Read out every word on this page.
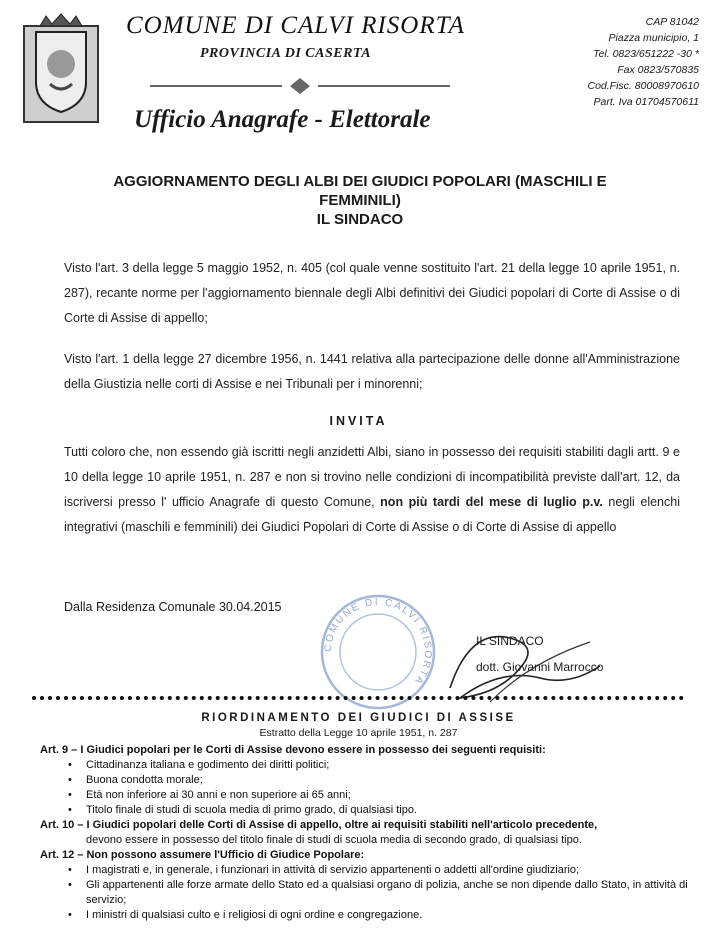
COMUNE DI CALVI RISORTA
PROVINCIA DI CASERTA
Ufficio Anagrafe - Elettorale
CAP 81042
Piazza municipio, 1
Tel. 0823/651222 -30 *
Fax 0823/570835
Cod.Fisc. 80008970610
Part. Iva 01704570611
AGGIORNAMENTO DEGLI ALBI DEI GIUDICI POPOLARI (MASCHILI E
FEMMINILI)
IL SINDACO
Visto l'art. 3 della legge 5 maggio 1952, n. 405 (col quale venne sostituito l'art. 21 della legge 10 aprile 1951, n. 287), recante norme per l'aggiornamento biennale degli Albi definitivi dei Giudici popolari di Corte di Assise o di Corte di Assise di appello;
Visto l'art. 1 della legge 27 dicembre 1956, n. 1441 relativa alla partecipazione delle donne all'Amministrazione della Giustizia nelle corti di Assise e nei Tribunali per i minorenni;
INVITA
Tutti coloro che, non essendo già iscritti negli anzidetti Albi, siano in possesso dei requisiti stabiliti dagli artt. 9 e 10 della legge 10 aprile 1951, n. 287 e non si trovino nelle condizioni di incompatibilità previste dall'art. 12, da iscriversi presso l' ufficio Anagrafe di questo Comune, non più tardi del mese di luglio p.v. negli elenchi integrativi (maschili e femminili) dei Giudici Popolari di Corte di Assise o di Corte di Assise di appello
Dalla Residenza Comunale 30.04.2015
COMUNE DI CALVI RISORTA
IL SINDACO
dott. Giovanni Marrocco
RIORDINAMENTO DEI GIUDICI DI ASSISE
Estratto della Legge 10 aprile 1951, n. 287
Art. 9 – I Giudici popolari per le Corti di Assise devono essere in possesso dei seguenti requisiti:
• Cittadinanza italiana e godimento dei diritti politici;
• Buona condotta morale;
• Età non inferiore ai 30 anni e non superiore ai 65 anni;
• Titolo finale di studi di scuola media di primo grado, di qualsiasi tipo.
Art. 10 – I Giudici popolari delle Corti di Assise di appello, oltre ai requisiti stabiliti nell'articolo precedente,
devono essere in possesso del titolo finale di studi di scuola media di secondo grado, di qualsiasi tipo.
Art. 12 – Non possono assumere l'Ufficio di Giudice Popolare:
• I magistrati e, in generale, i funzionari in attività di servizio appartenenti o addetti all'ordine giudiziario;
• Gli appartenenti alle forze armate dello Stato ed a qualsiasi organo di polizia, anche se non dipende dallo Stato, in attività di servizio;
• I ministri di qualsiasi culto e i religiosi di ogni ordine e congregazione.
